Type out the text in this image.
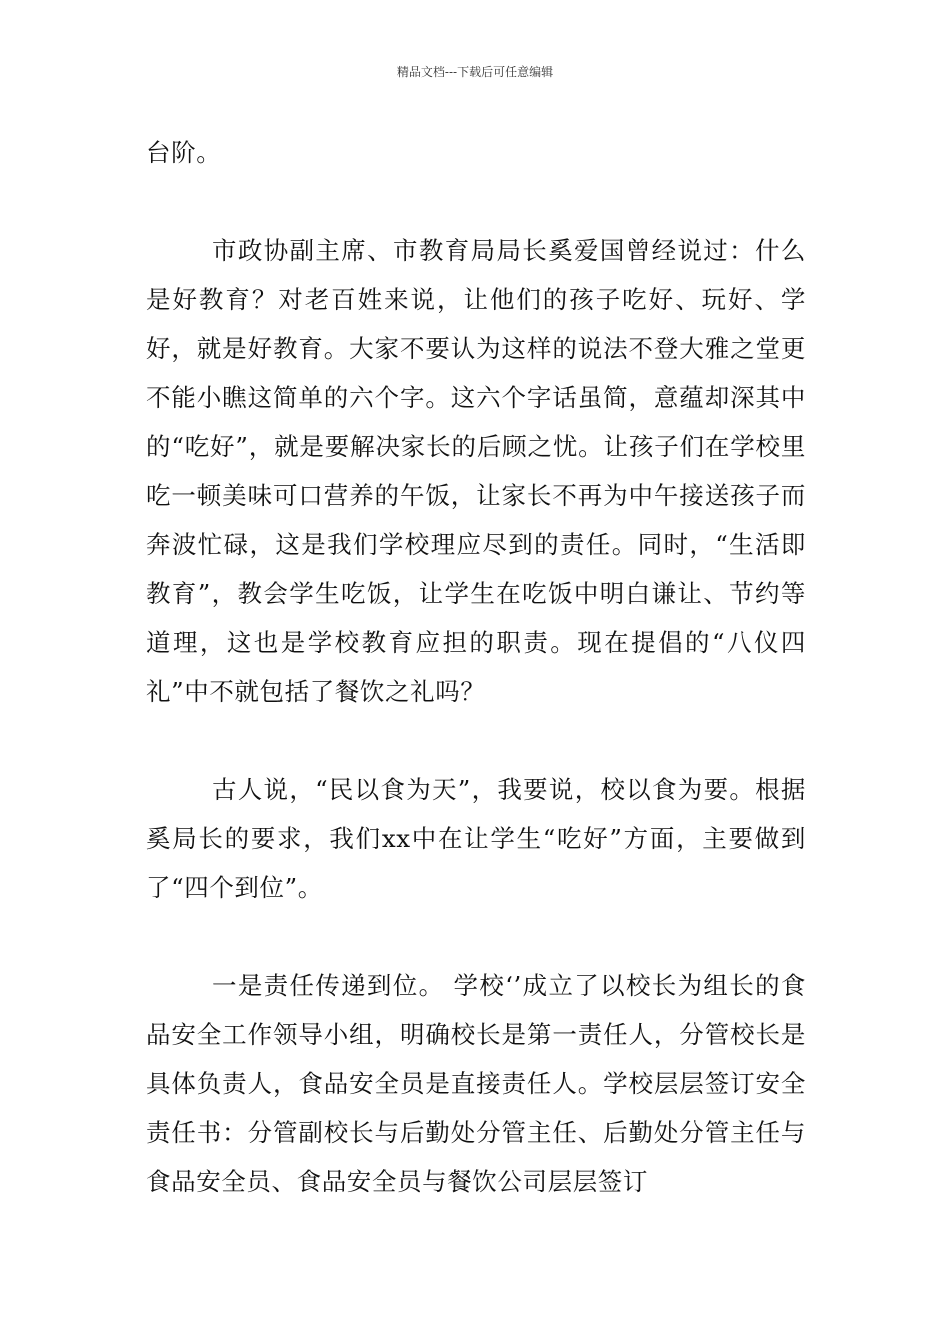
精品文档---下载后可任意编辑

台阶。

市政协副主席、市教育局局长奚爱国曾经说过：什么是好教育？对老百姓来说，让他们的孩子吃好、玩好、学好，就是好教育。大家不要认为这样的说法不登大雅之堂更不能小瞧这简单的六个字。这六个字话虽简，意蕴却深其中的“吃好”，就是要解决家长的后顾之忧。让孩子们在学校里吃一顿美味可口营养的午饭，让家长不再为中午接送孩子而奔波忙碌，这是我们学校理应尽到的责任。同时，“生活即教育”，教会学生吃饭，让学生在吃饭中明白谦让、节约等道理，这也是学校教育应担的职责。现在提倡的“八仪四礼”中不就包括了餐饮之礼吗？

古人说，“民以食为天”，我要说，校以食为要。根据奚局长的要求，我们xx中在让学生“吃好”方面，主要做到了“四个到位”。

一是责任传递到位。 学校‘’成立了以校长为组长的食品安全工作领导小组，明确校长是第一责任人，分管校长是具体负责人，食品安全员是直接责任人。学校层层签订安全责任书：分管副校长与后勤处分管主任、后勤处分管主任与食品安全员、食品安全员与餐饮公司层层签订
